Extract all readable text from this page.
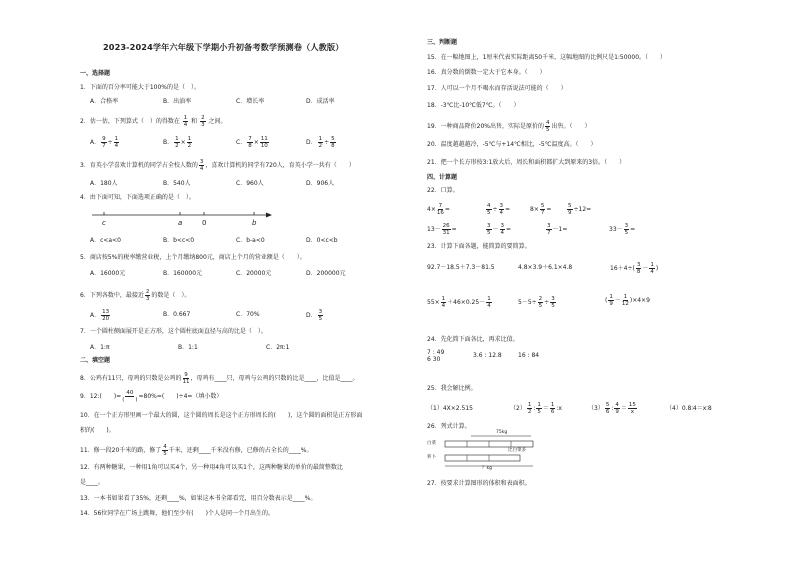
2023-2024学年六年级下学期小升初备考数学预测卷（人教版）
一、选择题
1．下面的百分率可能大于100%的是（　）。
A．合格率	B．出油率	C．增长率	D．成活率
2．估一估，下列算式（　）的得数在 $\frac{1}{4}$ 和 $\frac{2}{3}$ 之间。
A． $\frac{9}{7} \div \frac{1}{4}$	B． $\frac{1}{2} \times \frac{1}{2}$	C． $\frac{7}{8} \times \frac{11}{10}$	D． $\frac{1}{2} \div \frac{5}{8}$
3．育英小学喜欢计算机的同学占全校人数的 $\frac{3}{4}$ ，喜欢计算机的同学有720人，育英小学一共有（　　）
A．180人	B．540人	C．960人	D．906人
4．由下面可知，下面选项正确的是（　）。
c	a	0	b
A．c<a<0	B．b<c<0	C．b-a<0	D．0<c<b
5．商店按5%的税率缴营业税，上个月缴纳800元，商店上个月的营业额是（　　）。
A．16000元	B．160000元	C．20000元	D．200000元
6．下列各数中，最接近 $\frac{2}{3}$ 的数是（　）。
A． $\frac{13}{20}$	B．0.667	C．70%	D． $\frac{3}{5}$
7．一个圆柱侧面展开是正方形，这个圆柱底面直径与高的比是（　）。
A．1:π	B．1:1	C．2π:1
二、填空题
8．公鸡有11只，母鸡的只数是公鸡的 $\frac{9}{11}$ ，母鸡有____只，母鸡与公鸡的只数的比是____，比值是____。
9．12:(　　)= $\frac{40}{( )} =80\%=$(　　)÷4=（填小数）
10．在一个正方形里画一个最大的圆，这个圆的周长是这个正方形周长的(　　)，这个圆的面积是正方形面
积的(　　)。
11．修一段20千米的路，修了 $\frac{4}{5}$ 千米，还剩____千米没有修，已修的占全长的____%。
12．有两种糖果，一种用1角可以买4个，另一种用4角可以买1个，这两种糖果的单价的最简整数比
是____。
13．一本书如果看了35%，还剩____%，如果这本书全部看完，用百分数表示是____%。
14．56位同学在广场上跳舞，他们至少有(　　)个人是同一个月出生的。
三、判断题
15．在一幅地图上，1厘米代表实际距离50千米，这幅地图的比例尺是1:50000。（　　）
16．真分数的倒数一定大于它本身。（　　）
17．人可以一个月不喝水而存活说法可能的（　　）
18．-3℃比-10℃低7℃。（　　）
19．一种商品降价20%出售，实际是原价的 $\frac{4}{5}$ 出售。（　　）
20．温度越越越冷，-5℃与+14℃相比，-5℃温度高。（　　）
21．把一个长方形按3:1放大后，周长和面积都扩大到原来的3倍。（　　）
四、计算题
22．口算。
$4\times \frac{7}{16}$ =	$\frac{4}{5} \div \frac{3}{4}$ =	$8\times \frac{5}{7}$ =	$\frac{5}{9} \div 12=$
$13- \frac{26}{31}$ =	$\frac{3}{5} - \frac{3}{4}$ =	$\frac{3}{7} -1=$	$33- \frac{3}{5}$ =
23．计算下面各题，能简算的要简算。
92.7－18.5＋7.3－81.5	4.8×3.9＋6.1×4.8	$16+4\div( \frac{3}{8} - \frac{1}{4}$ )
$55\times \frac{1}{4} +46\times 0.25- \frac{1}{4}$	$5-5\div \frac{2}{5} \div \frac{3}{5}$	( $\frac{1}{9} - \frac{1}{12} )\times 4\times 9$
24．先化简下面各比，再求比值。
7 : 49
6 30
3.6 : 12.8	16 : 84
25．我会解比例。
（1）4Ⅹ×2.515	$(2) \frac{1}{2}$ : $\frac{1}{5} = \frac{1}{6}$ :x	$(3) \frac{5}{6}$ : $\frac{4}{9} = \frac{15}{x}$	（4）0.8∶4＝x∶8
26．列式计算。
白菜
萝卜
75kg
比白菜多
？kg
27．按要求计算图形的体积和表面积。
